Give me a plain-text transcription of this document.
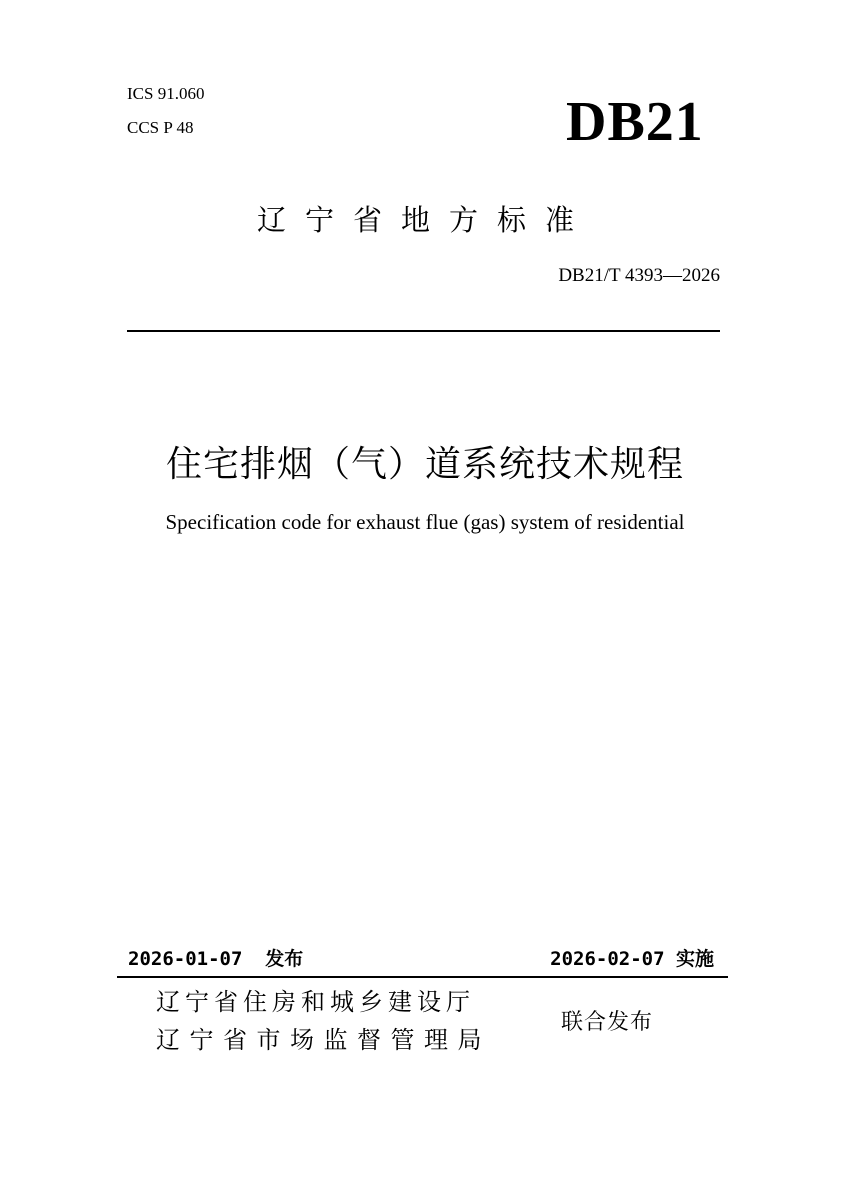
ICS 91.060
CCS P 48	DB21
辽宁省地方标准
DB21/T 4393—2026
住宅排烟（气）道系统技术规程
Specification code for exhaust flue (gas) system of residential
2026-01-07  发布	2026-02-07 实施
辽宁省住房和城乡建设厅
辽宁省市场监督管理局
联合发布
